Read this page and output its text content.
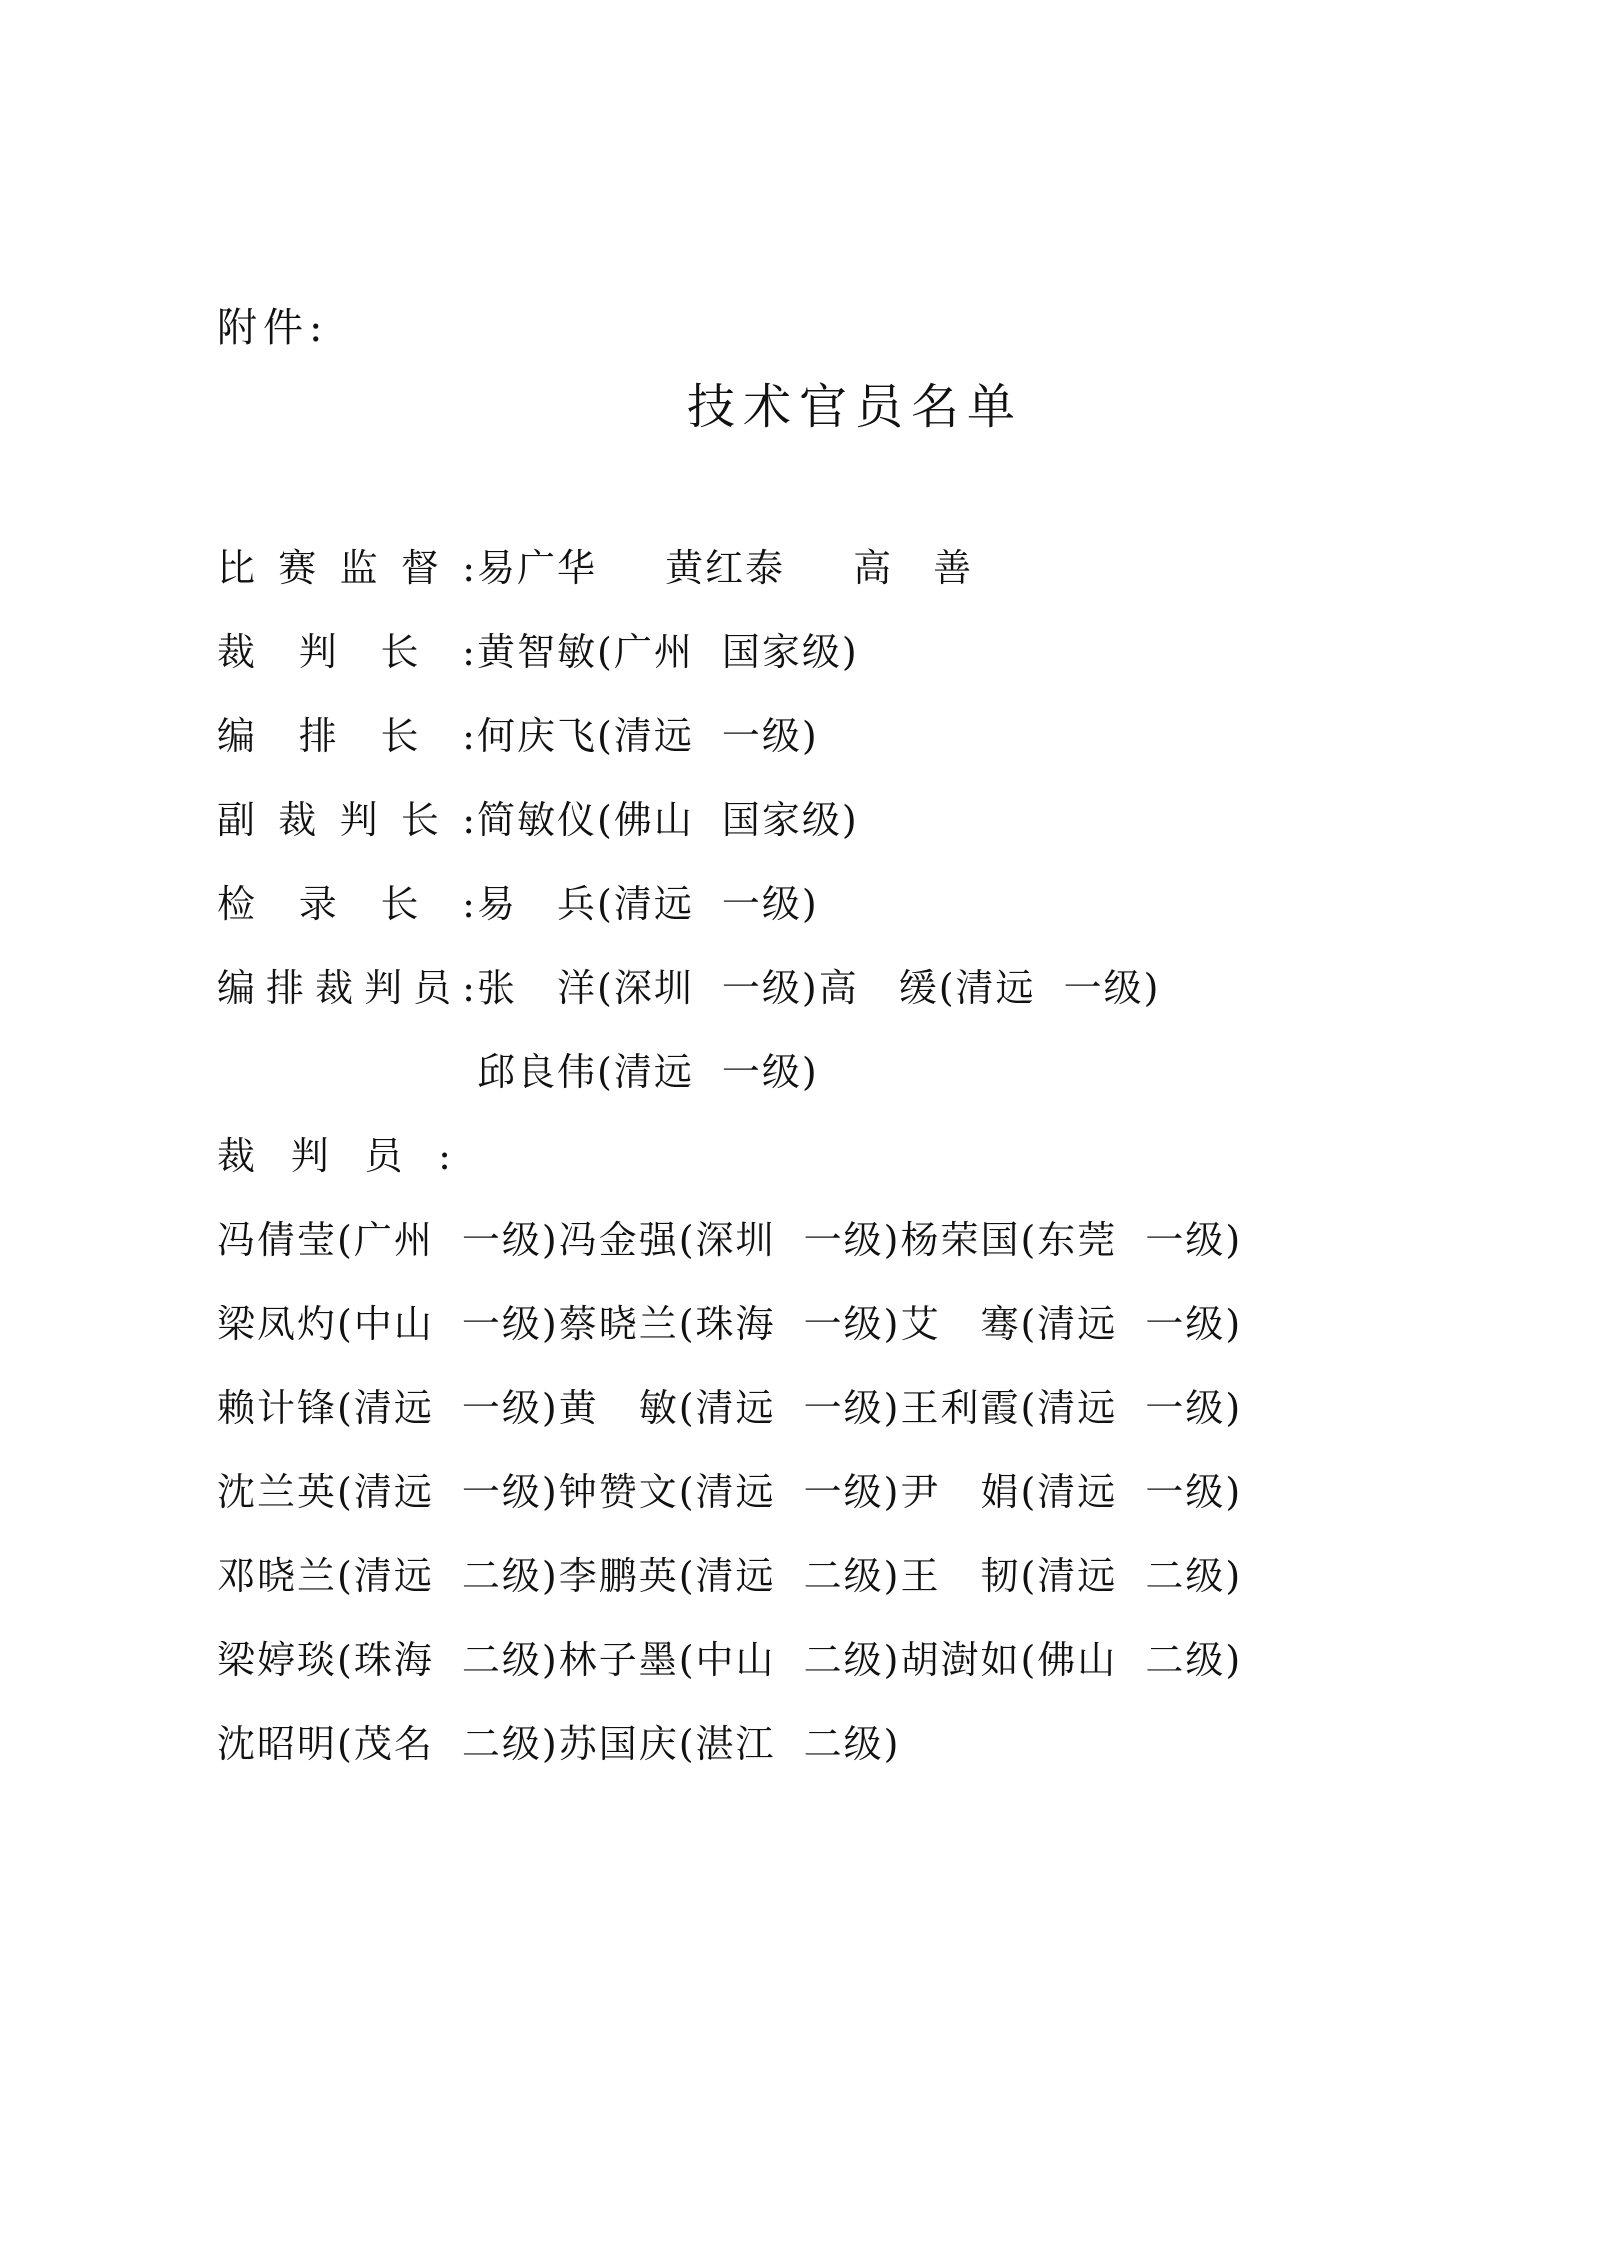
附件:
技术官员名单
比 赛 监 督 : 易广华　 黄红泰　 高　善
裁 判 长 : 黄智敏(广州 国家级)
编 排 长 : 何庆飞(清远 一级)
副 裁 判 长 : 简敏仪(佛山 国家级)
检 录 长 : 易　兵(清远 一级)
编 排 裁 判 员 : 张　洋(深圳 一级)高　缓(清远 一级)
邱良伟(清远 一级)
裁 判 员 :
冯倩莹(广州 一级)冯金强(深圳 一级)杨荣国(东莞 一级)
梁凤灼(中山 一级)蔡晓兰(珠海 一级)艾　骞(清远 一级)
赖计锋(清远 一级)黄　敏(清远 一级)王利霞(清远 一级)
沈兰英(清远 一级)钟赞文(清远 一级)尹　娟(清远 一级)
邓晓兰(清远 二级)李鹏英(清远 二级)王　韧(清远 二级)
梁婷琰(珠海 二级)林子墨(中山 二级)胡澍如(佛山 二级)
沈昭明(茂名 二级)苏国庆(湛江 二级)
